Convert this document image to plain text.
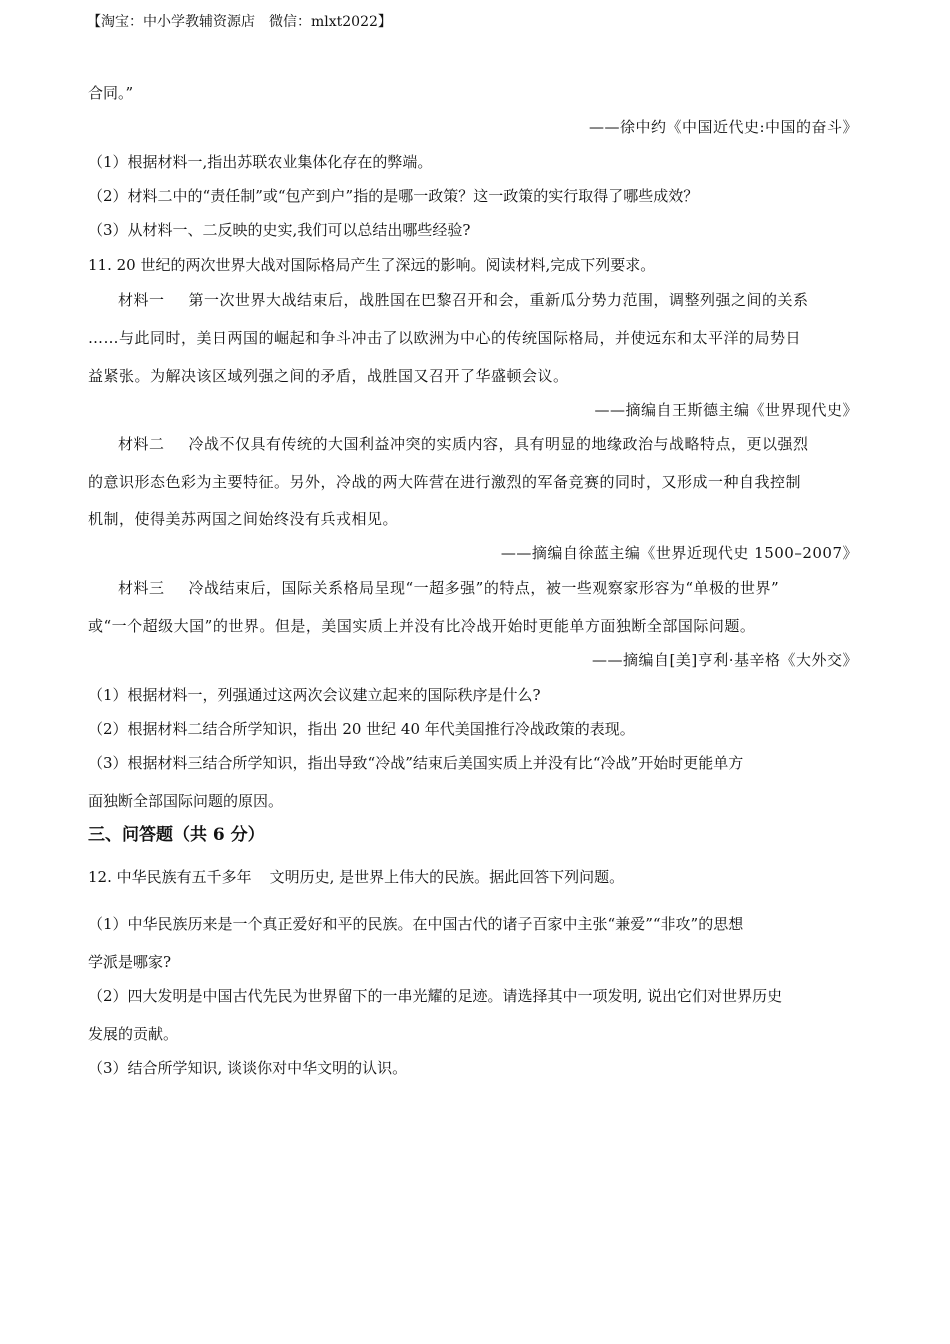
【淘宝：中小学教辅资源店　微信：mlxt2022】
合同。”
——徐中约《中国近代史:中国的奋斗》
（1）根据材料一,指出苏联农业集体化存在的弊端。
（2）材料二中的“责任制”或“包产到户”指的是哪一政策？这一政策的实行取得了哪些成效？
（3）从材料一、二反映的史实,我们可以总结出哪些经验?
11. 20 世纪的两次世界大战对国际格局产生了深远的影响。阅读材料,完成下列要求。
材料一 第一次世界大战结束后，战胜国在巴黎召开和会，重新瓜分势力范围，调整列强之间的关系
……与此同时，美日两国的崛起和争斗冲击了以欧洲为中心的传统国际格局，并使远东和太平洋的局势日
益紧张。为解决该区域列强之间的矛盾，战胜国又召开了华盛顿会议。
——摘编自王斯德主编《世界现代史》
材料二 冷战不仅具有传统的大国利益冲突的实质内容，具有明显的地缘政治与战略特点，更以强烈
的意识形态色彩为主要特征。另外，冷战的两大阵营在进行激烈的军备竞赛的同时，又形成一种自我控制
机制，使得美苏两国之间始终没有兵戎相见。
——摘编自徐蓝主编《世界近现代史 1500–2007》
材料三 冷战结束后，国际关系格局呈现“一超多强”的特点，被一些观察家形容为“单极的世界”
或“一个超级大国”的世界。但是，美国实质上并没有比冷战开始时更能单方面独断全部国际问题。
——摘编自[美]亨利·基辛格《大外交》
（1）根据材料一，列强通过这两次会议建立起来的国际秩序是什么?
（2）根据材料二结合所学知识，指出 20 世纪 40 年代美国推行冷战政策的表现。
（3）根据材料三结合所学知识，指出导致“冷战”结束后美国实质上并没有比“冷战”开始时更能单方
面独断全部国际问题的原因。
三、问答题（共 6 分）
12. 中华民族有五千多年 文明历史, 是世界上伟大的民族。据此回答下列问题。
（1）中华民族历来是一个真正爱好和平的民族。在中国古代的诸子百家中主张“兼爱”“非攻”的思想
学派是哪家?
（2）四大发明是中国古代先民为世界留下的一串光耀的足迹。请选择其中一项发明, 说出它们对世界历史
发展的贡献。
（3）结合所学知识, 谈谈你对中华文明的认识。
